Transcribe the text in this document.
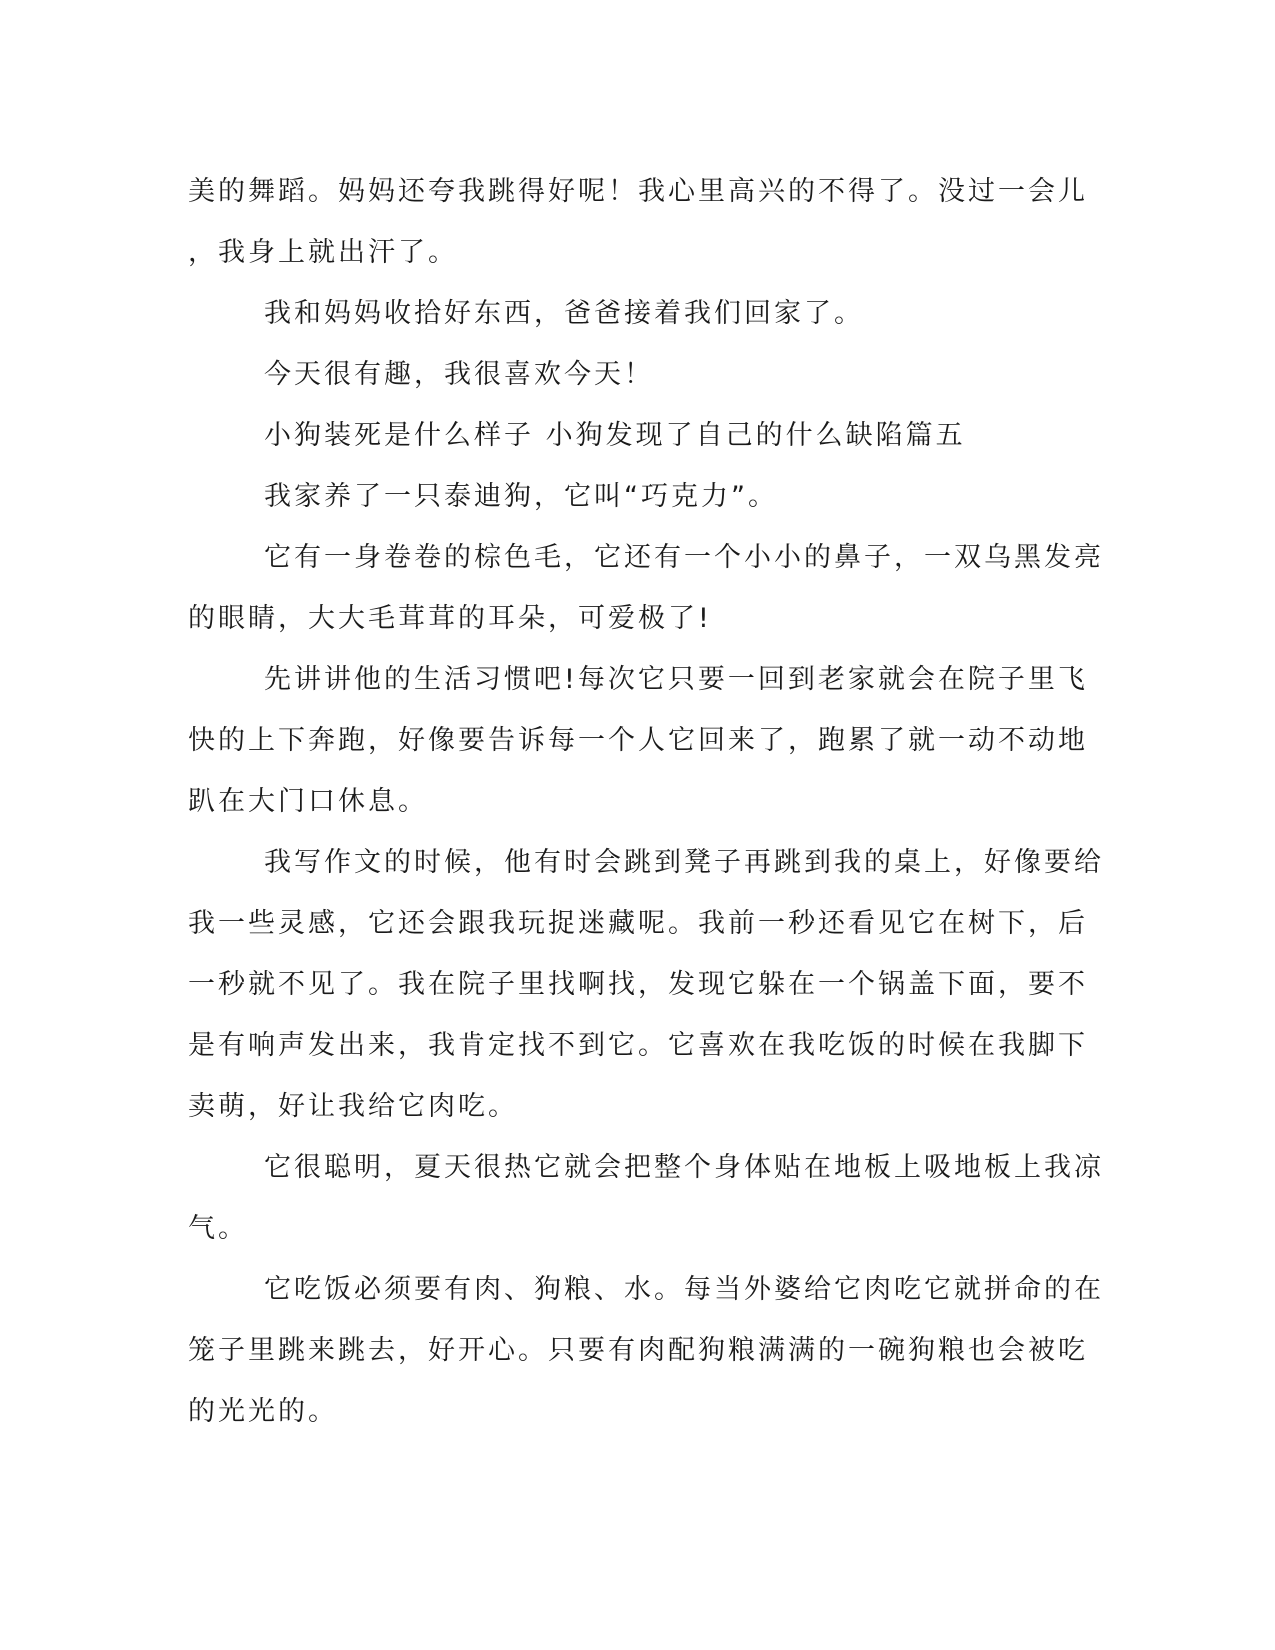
美的舞蹈。妈妈还夸我跳得好呢！我心里高兴的不得了。没过一会儿
，我身上就出汗了。
我和妈妈收拾好东西，爸爸接着我们回家了。
今天很有趣，我很喜欢今天！
小狗装死是什么样子 小狗发现了自己的什么缺陷篇五
我家养了一只泰迪狗，它叫“巧克力”。
它有一身卷卷的棕色毛，它还有一个小小的鼻子，一双乌黑发亮
的眼睛，大大毛茸茸的耳朵，可爱极了!
先讲讲他的生活习惯吧!每次它只要一回到老家就会在院子里飞
快的上下奔跑，好像要告诉每一个人它回来了，跑累了就一动不动地
趴在大门口休息。
我写作文的时候，他有时会跳到凳子再跳到我的桌上，好像要给
我一些灵感，它还会跟我玩捉迷藏呢。我前一秒还看见它在树下，后
一秒就不见了。我在院子里找啊找，发现它躲在一个锅盖下面，要不
是有响声发出来，我肯定找不到它。它喜欢在我吃饭的时候在我脚下
卖萌，好让我给它肉吃。
它很聪明，夏天很热它就会把整个身体贴在地板上吸地板上我凉
气。
它吃饭必须要有肉、狗粮、水。每当外婆给它肉吃它就拼命的在
笼子里跳来跳去，好开心。只要有肉配狗粮满满的一碗狗粮也会被吃
的光光的。
